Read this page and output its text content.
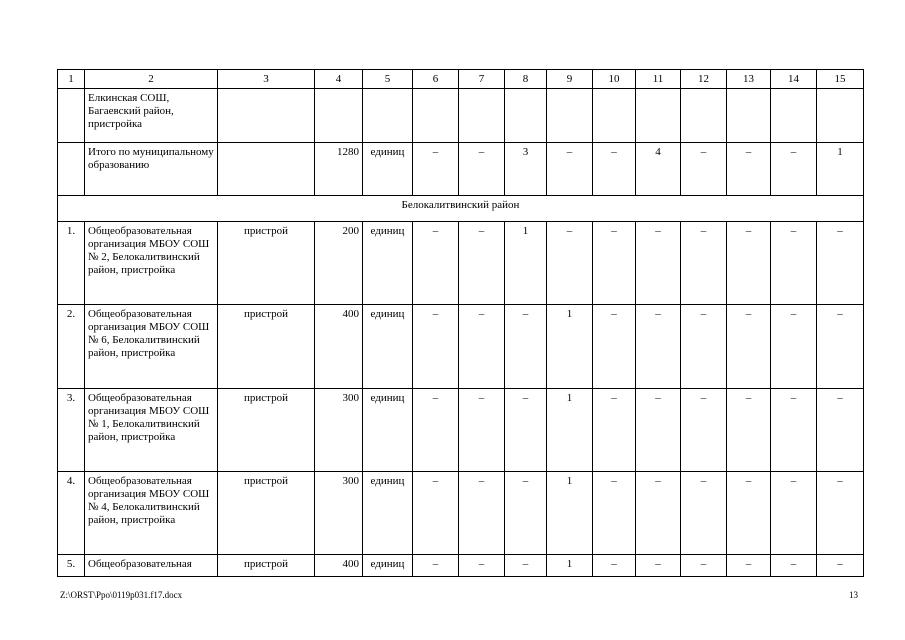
1	2	3	4	5	6	7	8	9	10	11	12	13	14	15
	Елкинская СОШ, Багаевский район, пристройка													
	Итого по муниципальному образованию		1280	единиц	–	–	3	–	–	4	–	–	–	1
Белокалитвинский район														
1.	Общеобразовательная организация МБОУ СОШ № 2, Белокалитвинский район, пристройка	пристрой	200	единиц	–	–	1	–	–	–	–	–	–	–
2.	Общеобразовательная организация МБОУ СОШ № 6, Белокалитвинский район, пристройка	пристрой	400	единиц	–	–	–	1	–	–	–	–	–	–
3.	Общеобразовательная организация МБОУ СОШ № 1, Белокалитвинский район, пристройка	пристрой	300	единиц	–	–	–	1	–	–	–	–	–	–
4.	Общеобразовательная организация МБОУ СОШ № 4, Белокалитвинский район, пристройка	пристрой	300	единиц	–	–	–	1	–	–	–	–	–	–
5.	Общеобразовательная	пристрой	400	единиц	–	–	–	1	–	–	–	–	–	–
Z:\ORST\Ppo\0119p031.f17.docx	13
